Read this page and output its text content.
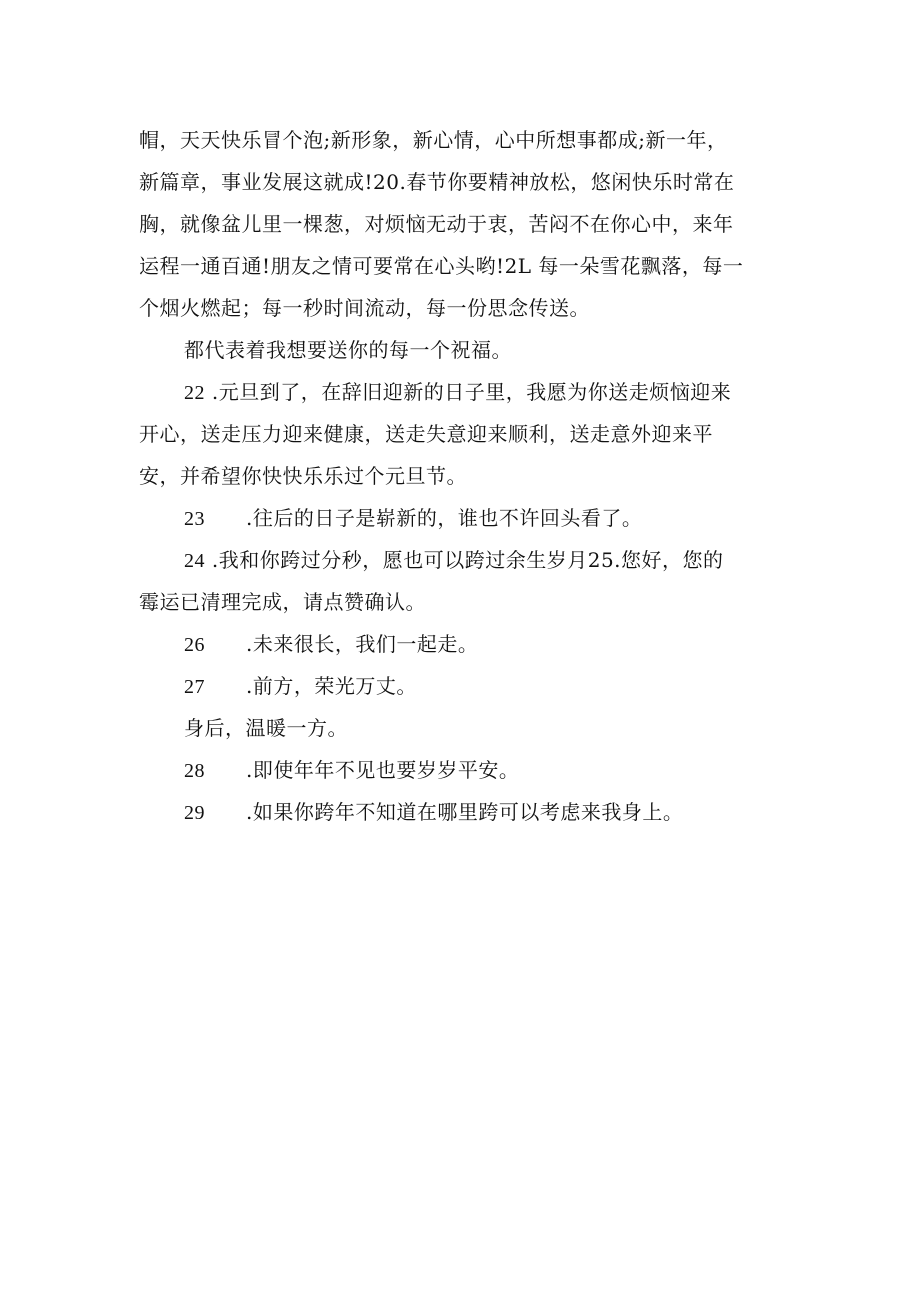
帽，天天快乐冒个泡;新形象，新心情，心中所想事都成;新一年，
新篇章，事业发展这就成!20.春节你要精神放松，悠闲快乐时常在
胸，就像盆儿里一棵葱，对烦恼无动于衷，苦闷不在你心中，来年
运程一通百通!朋友之情可要常在心头哟!2L 每一朵雪花飘落，每一
个烟火燃起；每一秒时间流动，每一份思念传送。
都代表着我想要送你的每一个祝福。
22 .元旦到了，在辞旧迎新的日子里，我愿为你送走烦恼迎来
开心，送走压力迎来健康，送走失意迎来顺利，送走意外迎来平
安，并希望你快快乐乐过个元旦节。
23 .往后的日子是崭新的，谁也不许回头看了。
24 .我和你跨过分秒，愿也可以跨过余生岁月25.您好，您的
霉运已清理完成，请点赞确认。
26 .未来很长，我们一起走。
27 .前方，荣光万丈。
身后，温暖一方。
28 .即使年年不见也要岁岁平安。
29 .如果你跨年不知道在哪里跨可以考虑来我身上。
